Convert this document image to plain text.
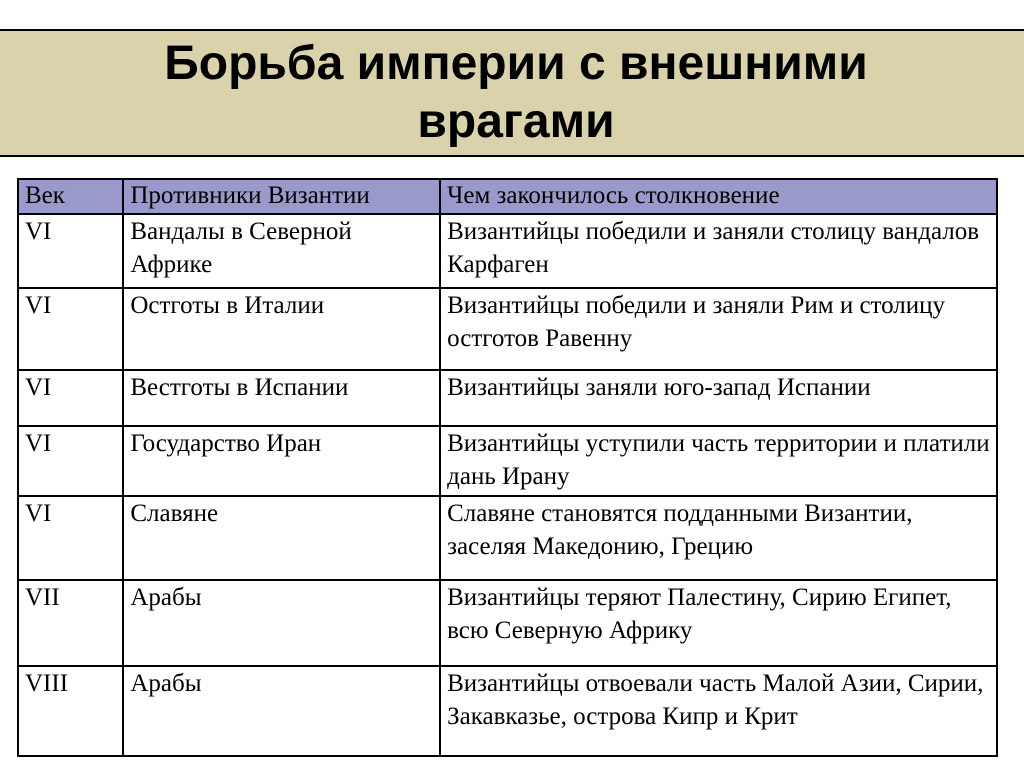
Борьба империи с внешними врагами
Век	Противники Византии	Чем закончилось столкновение
VI	Вандалы в Северной Африке	Византийцы победили и заняли столицу вандалов Карфаген
VI	Остготы в Италии	Византийцы победили и заняли Рим и столицу остготов Равенну
VI	Вестготы в Испании	Византийцы заняли юго-запад Испании
VI	Государство Иран	Византийцы уступили часть территории и платили дань Ирану
VI	Славяне	Славяне становятся подданными Византии, заселяя Македонию, Грецию
VII	Арабы	Византийцы теряют Палестину, Сирию Египет, всю Северную Африку
VIII	Арабы	Византийцы отвоевали часть Малой Азии, Сирии, Закавказье, острова Кипр и Крит
